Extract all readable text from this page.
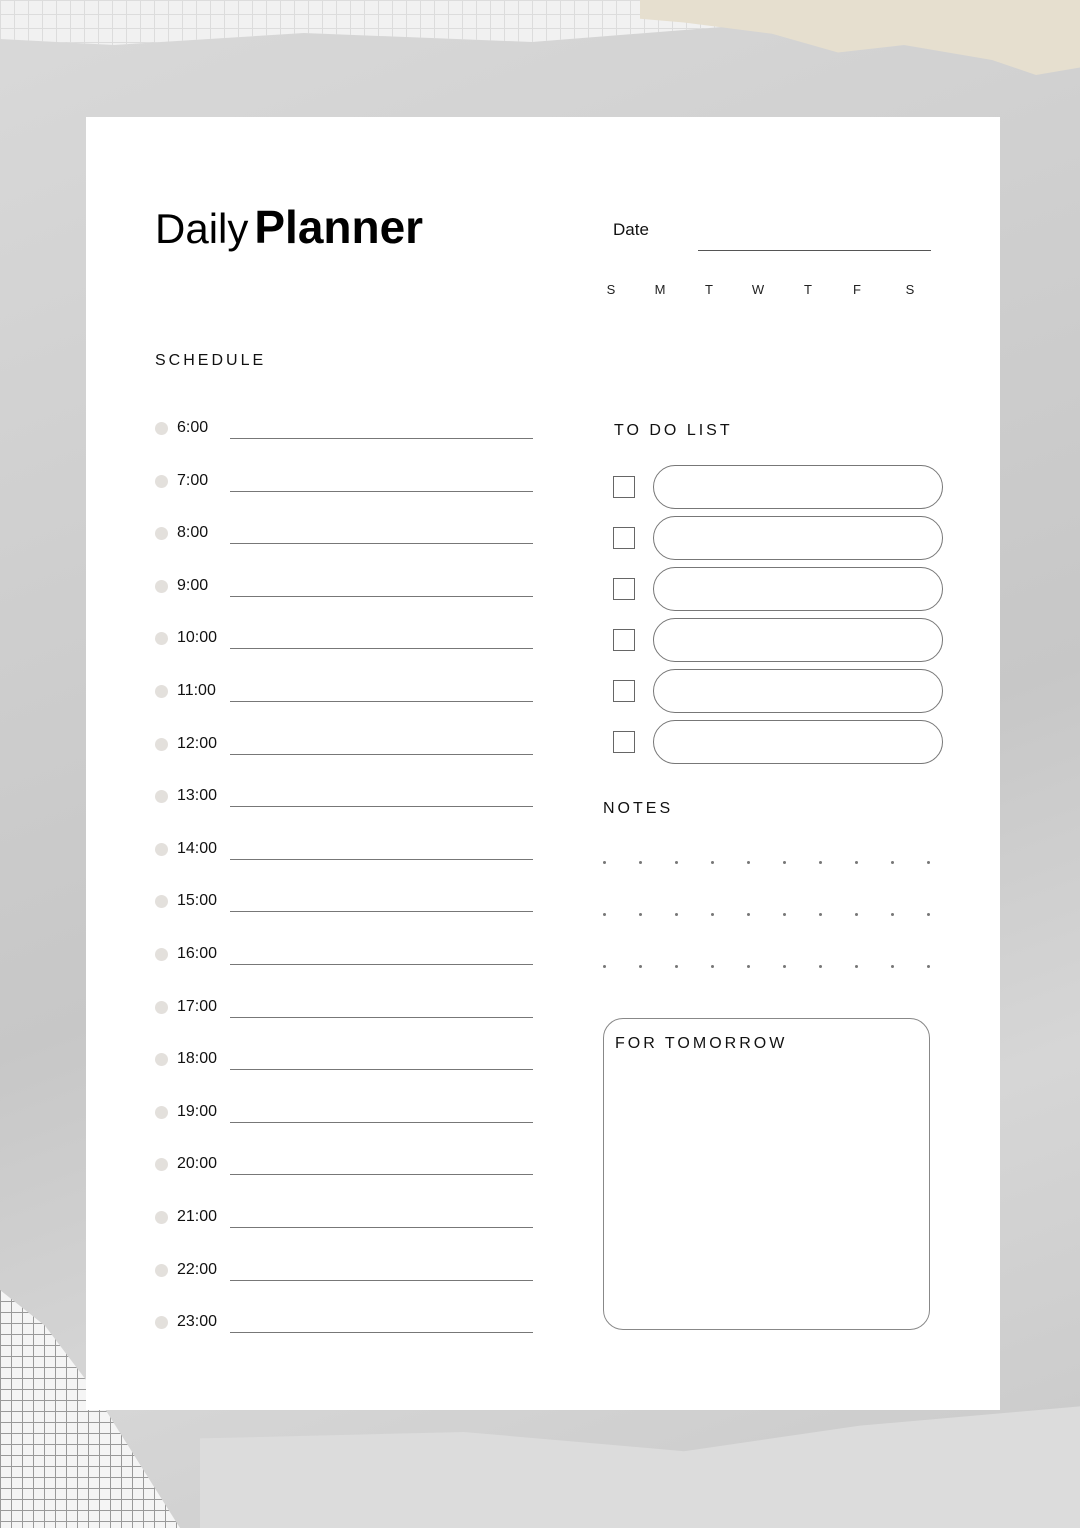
Daily Planner	Date
S	M	T	W	T	F	S
SCHEDULE
6:00
7:00
8:00
9:00
10:00
11:00
12:00
13:00
14:00
15:00
16:00
17:00
18:00
19:00
20:00
21:00
22:00
23:00
TO DO LIST
NOTES
FOR TOMORROW
